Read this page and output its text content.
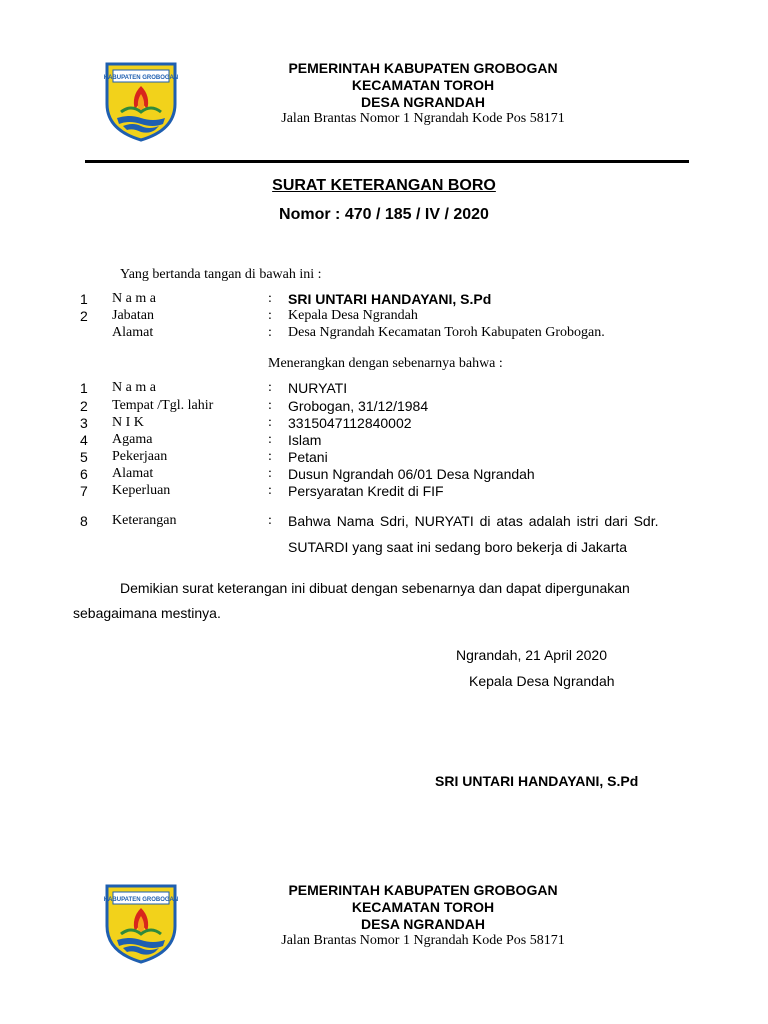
KABUPATEN GROBOGAN
PEMERINTAH KABUPATEN GROBOGAN
KECAMATAN TOROH
DESA NGRANDAH
Jalan Brantas Nomor 1 Ngrandah Kode Pos 58171
SURAT KETERANGAN BORO
Nomor : 470 / 185 / IV / 2020
Yang bertanda tangan di bawah ini :
1 N a m a	: SRI UNTARI HANDAYANI, S.Pd
2 Jabatan	: Kepala Desa Ngrandah
Alamat	: Desa Ngrandah Kecamatan Toroh Kabupaten Grobogan.
Menerangkan dengan sebenarnya bahwa :
1 N a m a	: NURYATI
2 Tempat /Tgl. lahir	: Grobogan, 31/12/1984
3 N I K	: 3315047112840002
4 Agama	: Islam
5 Pekerjaan	: Petani
6 Alamat	: Dusun Ngrandah 06/01 Desa Ngrandah
7 Keperluan	: Persyaratan Kredit di FIF
8 Keterangan	: Bahwa Nama Sdri, NURYATI di atas adalah istri dari Sdr.
SUTARDI yang saat ini sedang boro bekerja di Jakarta
Demikian surat keterangan ini dibuat dengan sebenarnya dan dapat dipergunakan
sebagaimana mestinya.
Ngrandah, 21 April 2020
Kepala Desa Ngrandah
SRI UNTARI HANDAYANI, S.Pd
KABUPATEN GROBOGAN
PEMERINTAH KABUPATEN GROBOGAN
KECAMATAN TOROH
DESA NGRANDAH
Jalan Brantas Nomor 1 Ngrandah Kode Pos 58171
